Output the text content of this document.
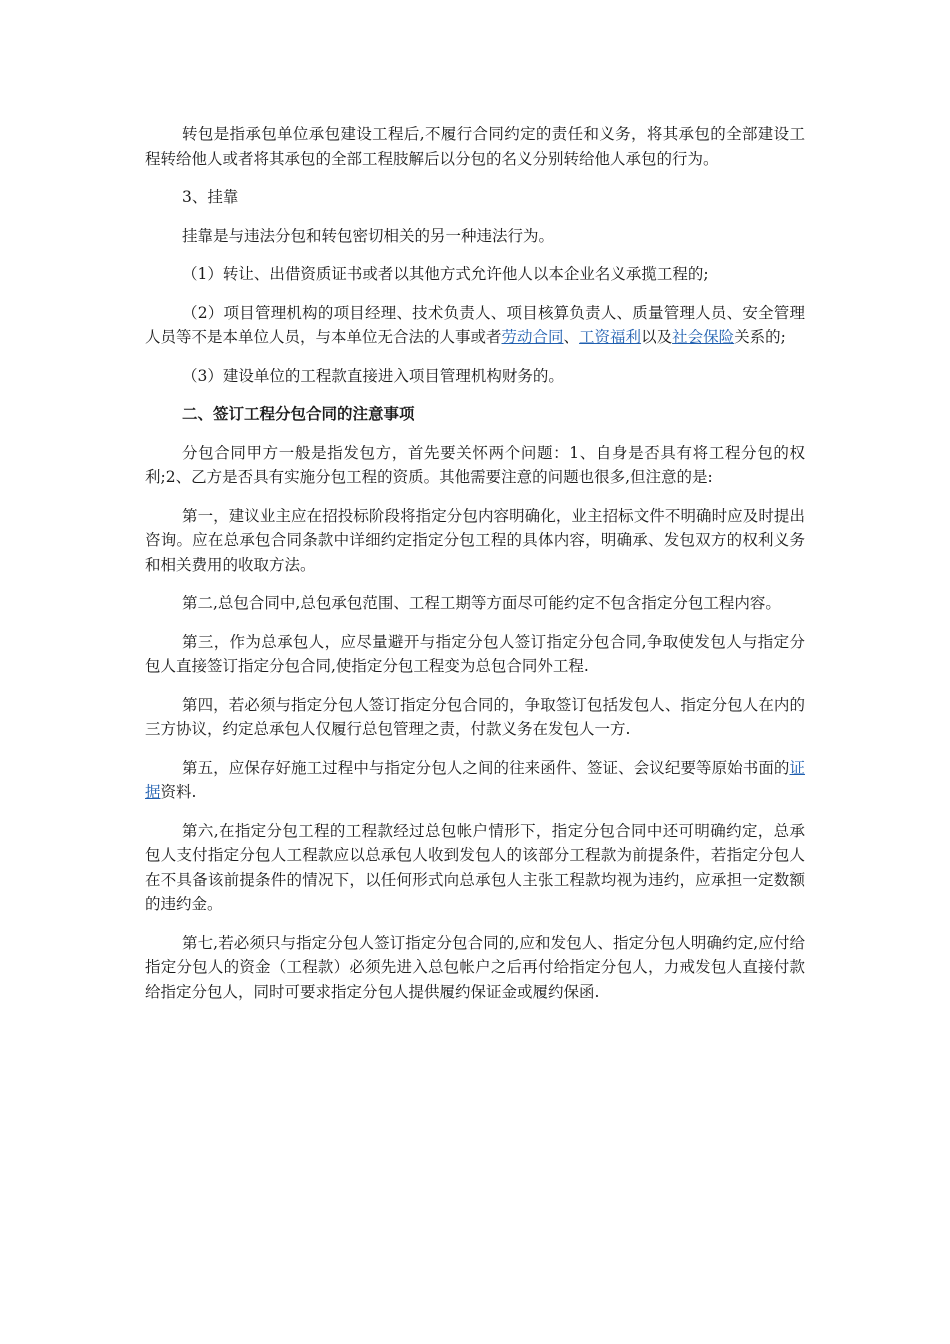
转包是指承包单位承包建设工程后,不履行合同约定的责任和义务，将其承包的全部建设工程转给他人或者将其承包的全部工程肢解后以分包的名义分别转给他人承包的行为。

3、挂靠

挂靠是与违法分包和转包密切相关的另一种违法行为。

（1）转让、出借资质证书或者以其他方式允许他人以本企业名义承揽工程的;

（2）项目管理机构的项目经理、技术负责人、项目核算负责人、质量管理人员、安全管理人员等不是本单位人员，与本单位无合法的人事或者劳动合同、工资福利以及社会保险关系的;

（3）建设单位的工程款直接进入项目管理机构财务的。

二、签订工程分包合同的注意事项

分包合同甲方一般是指发包方，首先要关怀两个问题：1、自身是否具有将工程分包的权利;2、乙方是否具有实施分包工程的资质。其他需要注意的问题也很多,但注意的是:

第一，建议业主应在招投标阶段将指定分包内容明确化，业主招标文件不明确时应及时提出咨询。应在总承包合同条款中详细约定指定分包工程的具体内容，明确承、发包双方的权利义务和相关费用的收取方法。

第二,总包合同中,总包承包范围、工程工期等方面尽可能约定不包含指定分包工程内容。

第三，作为总承包人，应尽量避开与指定分包人签订指定分包合同,争取使发包人与指定分包人直接签订指定分包合同,使指定分包工程变为总包合同外工程.

第四，若必须与指定分包人签订指定分包合同的，争取签订包括发包人、指定分包人在内的三方协议，约定总承包人仅履行总包管理之责，付款义务在发包人一方.

第五，应保存好施工过程中与指定分包人之间的往来函件、签证、会议纪要等原始书面的证据资料.

第六,在指定分包工程的工程款经过总包帐户情形下，指定分包合同中还可明确约定，总承包人支付指定分包人工程款应以总承包人收到发包人的该部分工程款为前提条件，若指定分包人在不具备该前提条件的情况下，以任何形式向总承包人主张工程款均视为违约，应承担一定数额的违约金。

第七,若必须只与指定分包人签订指定分包合同的,应和发包人、指定分包人明确约定,应付给指定分包人的资金（工程款）必须先进入总包帐户之后再付给指定分包人，力戒发包人直接付款给指定分包人，同时可要求指定分包人提供履约保证金或履约保函.
